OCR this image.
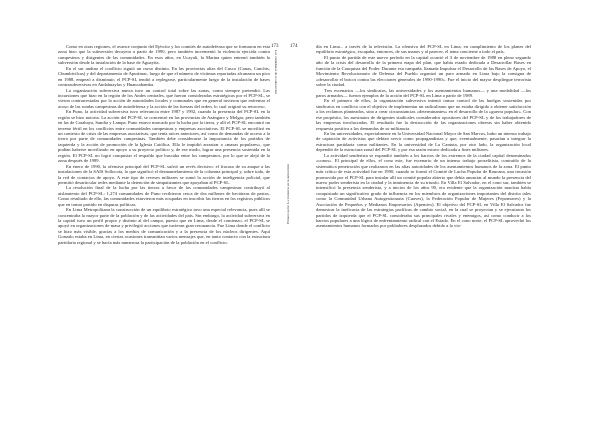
Como en otras regiones, el avance conjunto del Ejército y los comités de autodefensa que se formaron en esta zona hizo que la subversión decayera a partir de 1990, pero también incrementó la violencia ejercida contra campesinos y dirigentes de las comunidades. En esos años, en Ucayali, la Marina quien entrenó también la subversión desde la instalación de la base de Aguaytía.

En el sur andino el conflicto siguió un curso distinto. En las provincias altas del Cusco (Canas, Canchis, Chumbivilcas) y del departamento de Apurímac, luego de que el número de víctimas reportadas alcanzara un pico en 1988, empezó a disminuir; el PCP-SL tendió a replegarse, particularmente luego de la instalación de bases contrasubversivas en Andahuaylas y Huancabamba.

La organización subversiva nunca tuvo un control total sobre las zonas, como siempre pretendió. Las incursiones que hizo en la región de los Andes centrales, que fueron consideradas estratégicas por el PCP-SL, se vieron contrarrestadas por la acción de autoridades locales y comunales que en general tuvieron que enfrentar el acoso de las rondas campesinas de autodefensa y la acción de las fuerzas del orden, lo cual originó su retroceso.

En Puno, la actividad subversiva tuvo relevancia entre 1987 y 1992, cuando la presencia del PCP-SL en la región se hizo notoria. La acción del PCP-SL se concentró en las provincias de Azángaro y Melgar, pero también en las de Carabaya, Sandia y Lampa. Puno estuvo marcado por la lucha por la tierra, y allí el PCP-SL encontró un terreno fértil en los conflictos entre comunidades campesinas y empresas asociativas. El PCP-SL se movilizó en un contexto de crisis de las empresas asociativas, que tenía raíces anteriores, así como de demandas de acceso a la tierra por parte de comunidades campesinas. También debe considerarse la importancia de los partidos de izquierda y la acción de promoción de la Iglesia Católica. Ello le impidió arrastrar a «masas populares», que podían haberse movilizado en apoyo a su proyecto político y, de ese modo, lograr una presencia sostenida en la región. El PCP-SL no logró conquistar el respaldo que buscaba entre los campesinos, por lo que se alejó de la zona después de 1989.

En enero de 1990, la ofensiva principal del PCP-SL sufrió un revés decisivo: el fracaso de su ataque a las instalaciones de la SAIS Sollocota, lo que significó el desmantelamiento de la columna principal y, sobre todo, de la red de contactos de apoyo. A este tipo de reveses militares se sumó la acción de inteligencia policial, que permitió desarticular redes mediante la detención de simpatizantes que apoyaban al PCP-SL.

La resolución final de la lucha por las tierras a favor de las comunidades campesinas contribuyó al aislamiento del PCP-SL: 1,274 comunidades de Puno recibieron cerca de dos millones de hectáreas de pastos. Como resultado de ello, las comunidades estuvieron más ocupadas en inscribir las tierras en los registros públicos que en tomar partido en disputas políticas.

En Lima Metropolitana la construcción de un equilibrio estratégico tuvo una especial relevancia, pues allí se concentraba la mayor parte de la población y de las actividades del país. Sin embargo, la actividad subversiva en la capital tuvo un perfil propio y distinto al del campo, puesto que en Lima, desde el comienzo, el PCP-SL se apoyó en organizaciones de masa y privilegió acciones que tuvieran gran resonancia. Fue Lima donde el conflicto se hizo más visible, gracias a los medios de comunicación y a la presencia de los núcleos dirigentes. Aquí Gonzalo estaba en Lima, en ciertas ocasiones transmitían varios mensajes que, en tanto contacto con la estructura partidaria regional y se hacía más numerosa la participación de la población en el conflicto.

173
Los ciudadanos de la subversión
174
Primera parte: La violencia en la subversión

día en Lima... a través de la televisión. La ofensiva del PCP-SL en Lima, en cumplimiento de los planes del equilibrio estratégico, escapaba, entonces, de sus manos y al parecer, el tema concierne a todo el país.

El punto de partida de este nuevo período en la capital ocurrió el 3 de noviembre de 1988 en pleno segundo año de la crisis del desarrollo de la primera etapa del plan, que había estado dedicada a Desarrollar Bases en función de la Conquista del Poder. Durante esa campaña, llamada Impulsar el Desarrollo de las Bases de Apoyo, el Movimiento Revolucionario de Defensa del Pueblo organizó un paro armado en Lima bajo la consigna de «desarrollar el boicot contra las elecciones generales de 1990-1990». Fue el inicio del mayor despliegue terrorista sobre la ciudad.

Tres escenarios —los sindicatos, las universidades y los asentamientos humanos— y una modalidad —los paros armados— fueron ejemplos de la acción del PCP-SL en Lima a partir de 1989.

En el primero de ellos, la organización subversiva intentó tomar control de las huelgas sostenidas por sindicatos en conflicto con el objetivo de implementar un radicalismo que no estaba dirigido a obtener satisfacción a los reclamos planteados, sino a crear circunstancias «determinantes» en el desarrollo de la «guerra popular». Con ese propósito, los asesinatos de dirigentes sindicales considerados opositores del PCP-SL y de los trabajadores de las empresas involucradas. El resultado fue la destrucción de las organizaciones obreras sin haber obtenido respuesta positiva a los demandas de su militancia.

En las universidades, especialmente en la Universidad Nacional Mayor de San Marcos, hubo un intenso trabajo de captación de activistas que debían servir como propagandistas y que, eventualmente, pasarían a integrar la estructura partidaria como militantes. En la universidad de La Cantuta, por otro lado, la organización local dependió de la estructura zonal del PCP-SL y por esa razón estuvo dedicada a fines militares.

La actividad senderista se expandió también a los barrios de los extremos de la ciudad capital denominados «conos». El principal de ellos, el cono este, fue escenario de un intenso trabajo proselitista, contraído de la sistemática penetración que realizaron en las altas autoridades de los asentamientos humanos de la zona. El punto más crítico de esta actividad fue en 1990, cuando se formó el Comité de Lucha Popular de Raucana, una invasión promovida por el PCP-SL para instalar allí un comité popular abierto que debía anunciar al mundo la presencia del nuevo poder senderista en la ciudad y la inminencia de su triunfo. En Villa El Salvador, en el cono sur, también se intensificó la presencia senderista, y a inicios de los años 90, era evidente que la organización maoísta había conquistado un significativo grado de influencia en los miembros de organizaciones importantes del distrito tales como la Comunidad Urbana Autogestionaria (Cuaves), la Federación Popular de Mujeres (Fepomuves) y la Asociación de Pequeños y Medianos Empresarios (Apemivs). El objetivo del PCP-SL en Villa El Salvador fue demostrar la ineficacia de las estrategias pacíficas de cambio social, en la cual se proyectan y se ejecutaron los partidos de izquierda que el PCP-SL consideraba sus principales rivales y enemigos, así como conducir a los barrios populares a una lógica de enfrentamiento radical con el Estado. En el cono norte, el PCP-SL aprovechó los asentamientos humanos formados por pobladores desplazados debido a la vio-
